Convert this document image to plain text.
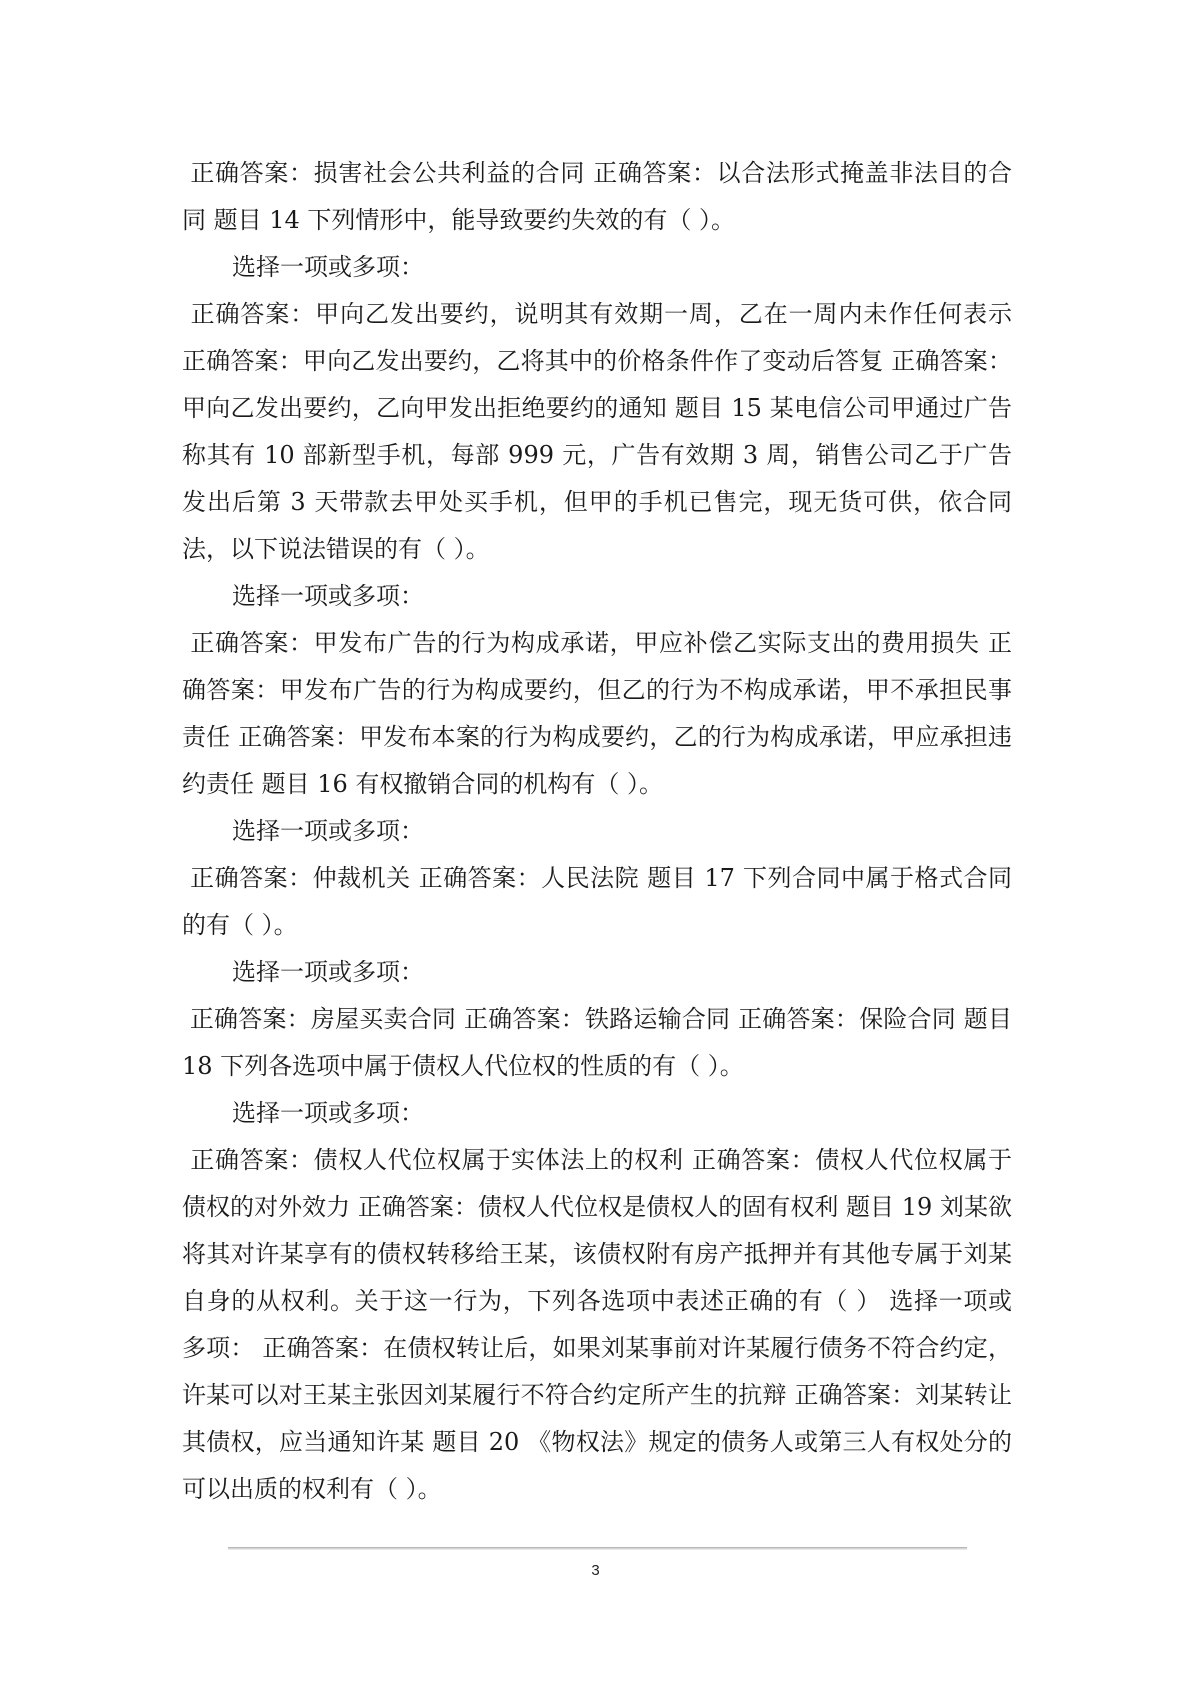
正确答案：损害社会公共利益的合同 正确答案：以合法形式掩盖非法目的合同 题目 14 下列情形中，能导致要约失效的有（ ）。

选择一项或多项：

正确答案：甲向乙发出要约，说明其有效期一周，乙在一周内未作任何表示 正确答案：甲向乙发出要约，乙将其中的价格条件作了变动后答复 正确答案：甲向乙发出要约，乙向甲发出拒绝要约的通知 题目 15 某电信公司甲通过广告称其有 10 部新型手机，每部 999 元，广告有效期 3 周，销售公司乙于广告发出后第 3 天带款去甲处买手机，但甲的手机已售完，现无货可供，依合同法，以下说法错误的有（ ）。

选择一项或多项：

正确答案：甲发布广告的行为构成承诺，甲应补偿乙实际支出的费用损失 正确答案：甲发布广告的行为构成要约，但乙的行为不构成承诺，甲不承担民事责任 正确答案：甲发布本案的行为构成要约，乙的行为构成承诺，甲应承担违约责任 题目 16 有权撤销合同的机构有（ ）。

选择一项或多项：

正确答案：仲裁机关 正确答案：人民法院 题目 17 下列合同中属于格式合同的有（ ）。

选择一项或多项：

正确答案：房屋买卖合同 正确答案：铁路运输合同 正确答案：保险合同 题目 18 下列各选项中属于债权人代位权的性质的有（ ）。

选择一项或多项：

正确答案：债权人代位权属于实体法上的权利 正确答案：债权人代位权属于债权的对外效力 正确答案：债权人代位权是债权人的固有权利 题目 19 刘某欲将其对许某享有的债权转移给王某，该债权附有房产抵押并有其他专属于刘某自身的从权利。关于这一行为，下列各选项中表述正确的有（ ） 选择一项或多项： 正确答案：在债权转让后，如果刘某事前对许某履行债务不符合约定，许某可以对王某主张因刘某履行不符合约定所产生的抗辩 正确答案：刘某转让其债权，应当通知许某 题目 20 《物权法》规定的债务人或第三人有权处分的可以出质的权利有（ ）。

3
